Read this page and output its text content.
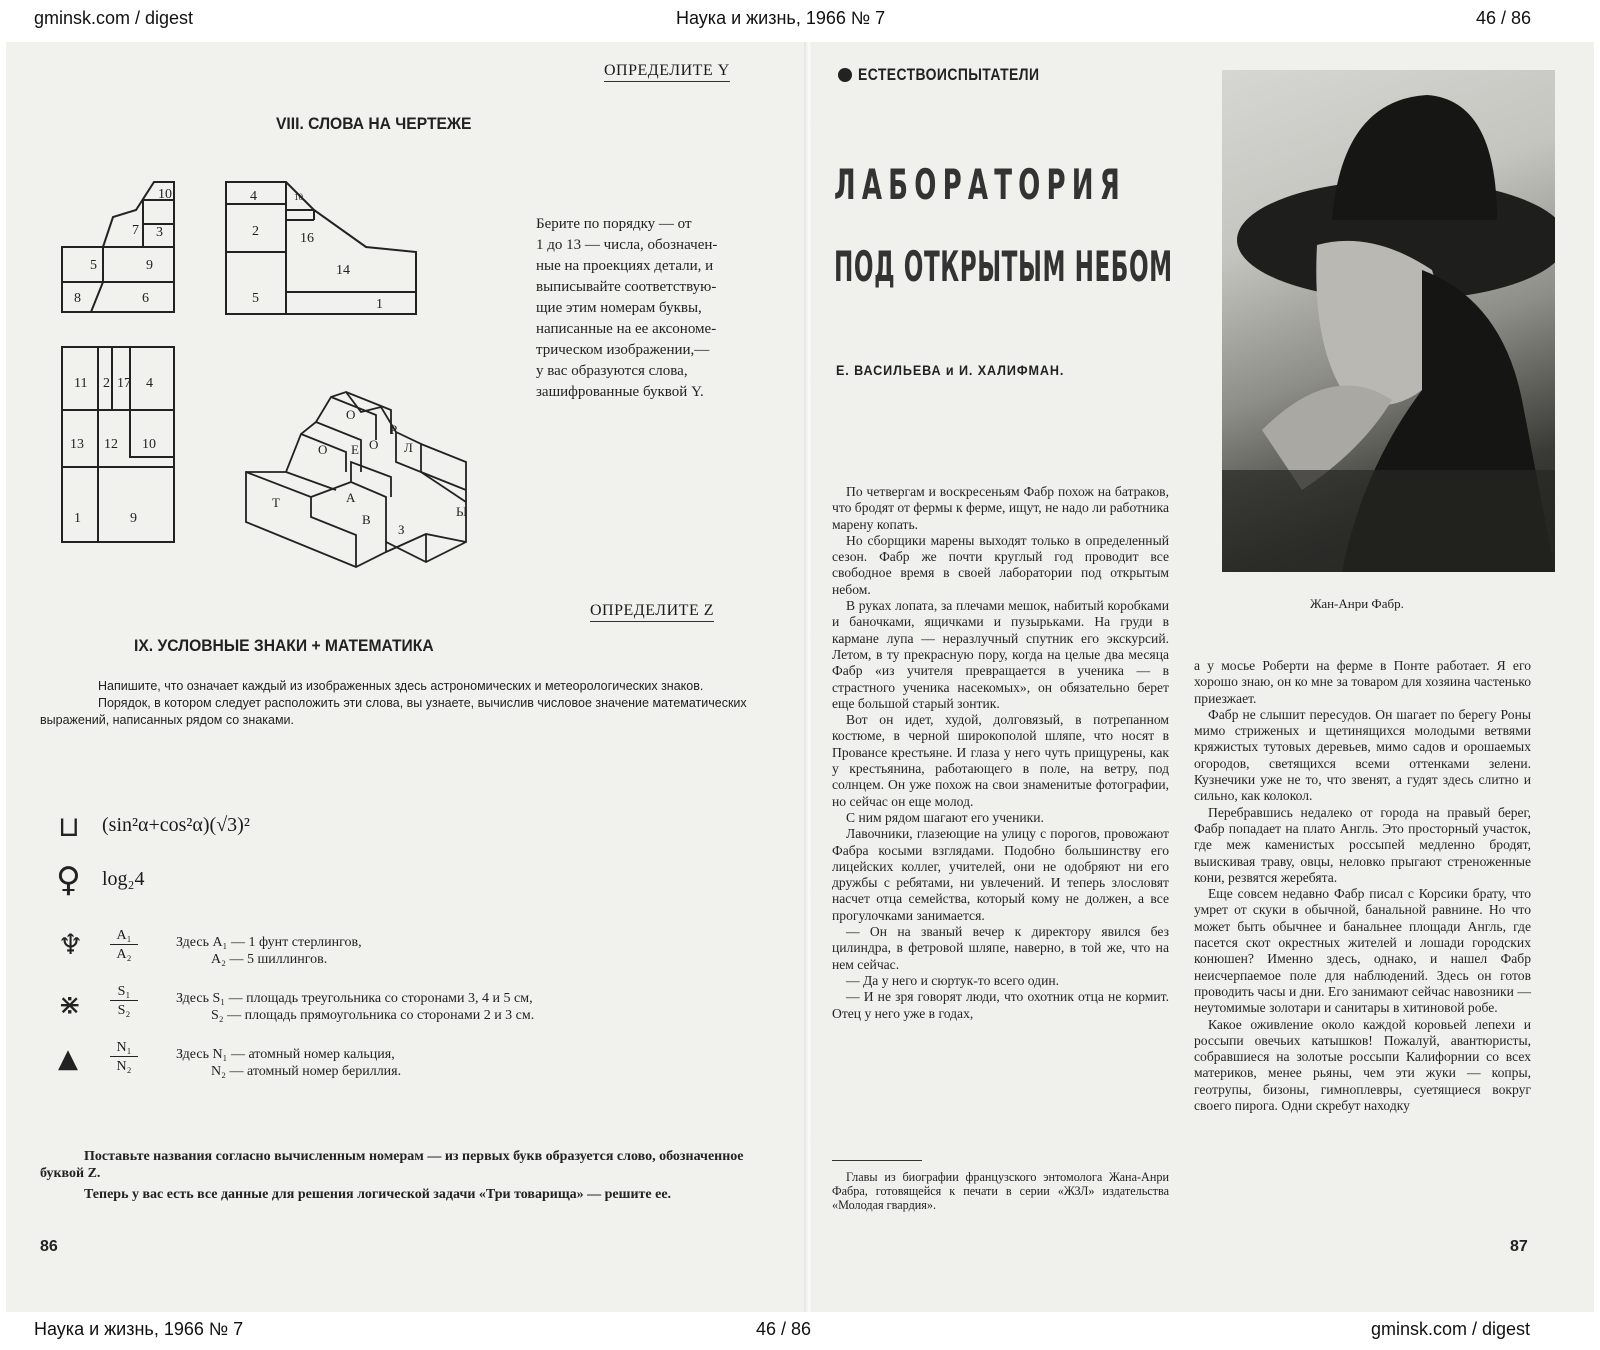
gminsk.com / digest	Наука и жизнь, 1966 № 7	46 / 86
ОПРЕДЕЛИТЕ Y
VIII. СЛОВА НА ЧЕРТЕЖЕ
10
7 3
5	9
8	6
4	10
2	16
14
5	1
11 2 17 4
13 12 10
1	9
О
Р
О
Е	Л
Т	А
В
З
Ы
О
Берите по порядку — от
1 до 13 — числа, обозначен-
ные на проекциях детали, и
выписывайте соответствую-
щие этим номерам буквы,
написанные на ее аксономе-
трическом изображении,—
у вас образуются слова,
зашифрованные буквой Y.
ОПРЕДЕЛИТЕ Z
IX. УСЛОВНЫЕ ЗНАКИ + МАТЕМАТИКА

Напишите, что означает каждый из изображенных здесь астрономических и метеорологических знаков.

Порядок, в котором следует расположить эти слова, вы узнаете, вычислив числовое значение математических выражений, написанных рядом со знаками.

⊔ (sin²α+cos²α)(√3)²
♀ log₂4
♆	A₁
A₂
Здесь A₁ — 1 фунт стерлингов,
A₂ — 5 шиллингов.
⋇	S₁
S₂
Здесь S₁ — площадь треугольника со сторонами 3, 4 и 5 см,
S₂ — площадь прямоугольника со сторонами 2 и 3 см.
▲	N₁
N₂
Здесь N₁ — атомный номер кальция,
N₂ — атомный номер бериллия.

Поставьте названия согласно вычисленным номерам — из первых букв образуется слово, обозначенное буквой Z.

Теперь у вас есть все данные для решения логической задачи «Три товарища» — решите ее.

86
ЕСТЕСТВОИСПЫТАТЕЛИ
ЛАБОРАТОРИЯ
ПОД ОТКРЫТЫМ НЕБОМ
Е. ВАСИЛЬЕВА и И. ХАЛИФМАН.
Жан-Анри Фабр.

По четвергам и воскресеньям Фабр похож на батраков, что бродят от фермы к ферме, ищут, не надо ли работника марену копать.

Но сборщики марены выходят только в определенный сезон. Фабр же почти круглый год проводит все свободное время в своей лаборатории под открытым небом.

В руках лопата, за плечами мешок, набитый коробками и баночками, ящичками и пузырьками. На груди в кармане лупа — неразлучный спутник его экскурсий. Летом, в ту прекрасную пору, когда на целые два месяца Фабр «из учителя превращается в ученика — в страстного ученика насекомых», он обязательно берет еще большой старый зонтик.

Вот он идет, худой, долговязый, в потрепанном костюме, в черной широкополой шляпе, что носят в Провансе крестьяне. И глаза у него чуть прищурены, как у крестьянина, работающего в поле, на ветру, под солнцем. Он уже похож на свои знаменитые фотографии, но сейчас он еще молод.

С ним рядом шагают его ученики.

Лавочники, глазеющие на улицу с порогов, провожают Фабра косыми взглядами. Подобно большинству его лицейских коллег, учителей, они не одобряют ни его дружбы с ребятами, ни увлечений. И теперь злословят насчет отца семейства, который кому не должен, а все прогулочками занимается.

— Он на званый вечер к директору явился без цилиндра, в фетровой шляпе, наверно, в той же, что на нем сейчас.

— Да у него и сюртук-то всего один.

— И не зря говорят люди, что охотник отца не кормит. Отец у него уже в годах,

Главы из биографии французского энтомолога Жана-Анри Фабра, готовящейся к печати в серии «ЖЗЛ» издательства «Молодая гвардия».

а у мосье Роберти на ферме в Понте работает. Я его хорошо знаю, он ко мне за товаром для хозяина частенько приезжает.

Фабр не слышит пересудов. Он шагает по берегу Роны мимо стриженых и щетинящихся молодыми ветвями кряжистых тутовых деревьев, мимо садов и орошаемых огородов, светящихся всеми оттенками зелени. Кузнечики уже не то, что звенят, а гудят здесь слитно и сильно, как колокол.

Перебравшись недалеко от города на правый берег, Фабр попадает на плато Англь. Это просторный участок, где меж каменистых россыпей медленно бродят, выискивая траву, овцы, неловко прыгают стреноженные кони, резвятся жеребята.

Еще совсем недавно Фабр писал с Корсики брату, что умрет от скуки в обычной, банальной равнине. Но что может быть обычнее и банальнее площади Англь, где пасется скот окрестных жителей и лошади городских конюшен? Именно здесь, однако, и нашел Фабр неисчерпаемое поле для наблюдений. Здесь он готов проводить часы и дни. Его занимают сейчас навозники — неутомимые золотари и санитары в хитиновой робе.

Какое оживление около каждой коровьей лепехи и россыпи овечьих катышков! Пожалуй, авантюристы, собравшиеся на золотые россыпи Калифорнии со всех материков, менее рьяны, чем эти жуки — копры, геотрупы, бизоны, гимноплевры, суетящиеся вокруг своего пирога. Одни скребут находку

87
Наука и жизнь, 1966 № 7	46 / 86	gminsk.com / digest
